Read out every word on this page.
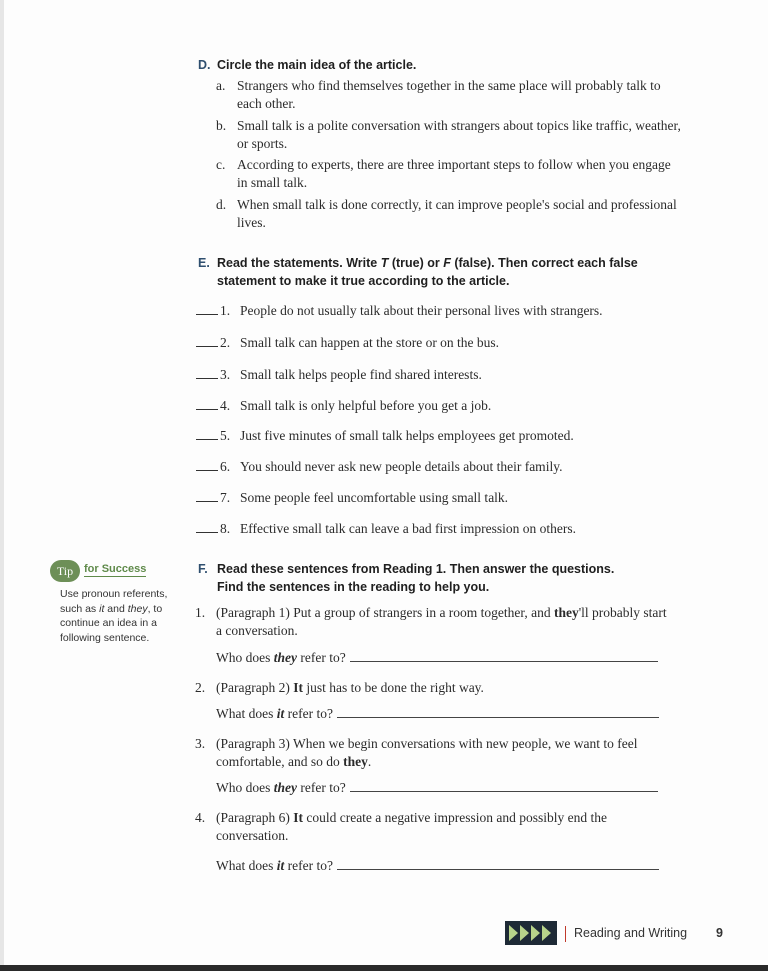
D. Circle the main idea of the article.
a. Strangers who find themselves together in the same place will probably talk to each other.
b. Small talk is a polite conversation with strangers about topics like traffic, weather, or sports.
c. According to experts, there are three important steps to follow when you engage in small talk.
d. When small talk is done correctly, it can improve people's social and professional lives.
E. Read the statements. Write T (true) or F (false). Then correct each false
statement to make it true according to the article.
1. People do not usually talk about their personal lives with strangers.
2. Small talk can happen at the store or on the bus.
3. Small talk helps people find shared interests.
4. Small talk is only helpful before you get a job.
5. Just five minutes of small talk helps employees get promoted.
6. You should never ask new people details about their family.
7. Some people feel uncomfortable using small talk.
8. Effective small talk can leave a bad first impression on others.
Tip for Success
Use pronoun referents, such as it and they, to continue an idea in a following sentence.
F. Read these sentences from Reading 1. Then answer the questions.
Find the sentences in the reading to help you.
1. (Paragraph 1) Put a group of strangers in a room together, and they'll probably start a conversation.
Who does they refer to?
2. (Paragraph 2) It just has to be done the right way.
What does it refer to?
3. (Paragraph 3) When we begin conversations with new people, we want to feel comfortable, and so do they.
Who does they refer to?
4. (Paragraph 6) It could create a negative impression and possibly end the conversation.
What does it refer to?
Reading and Writing 9
